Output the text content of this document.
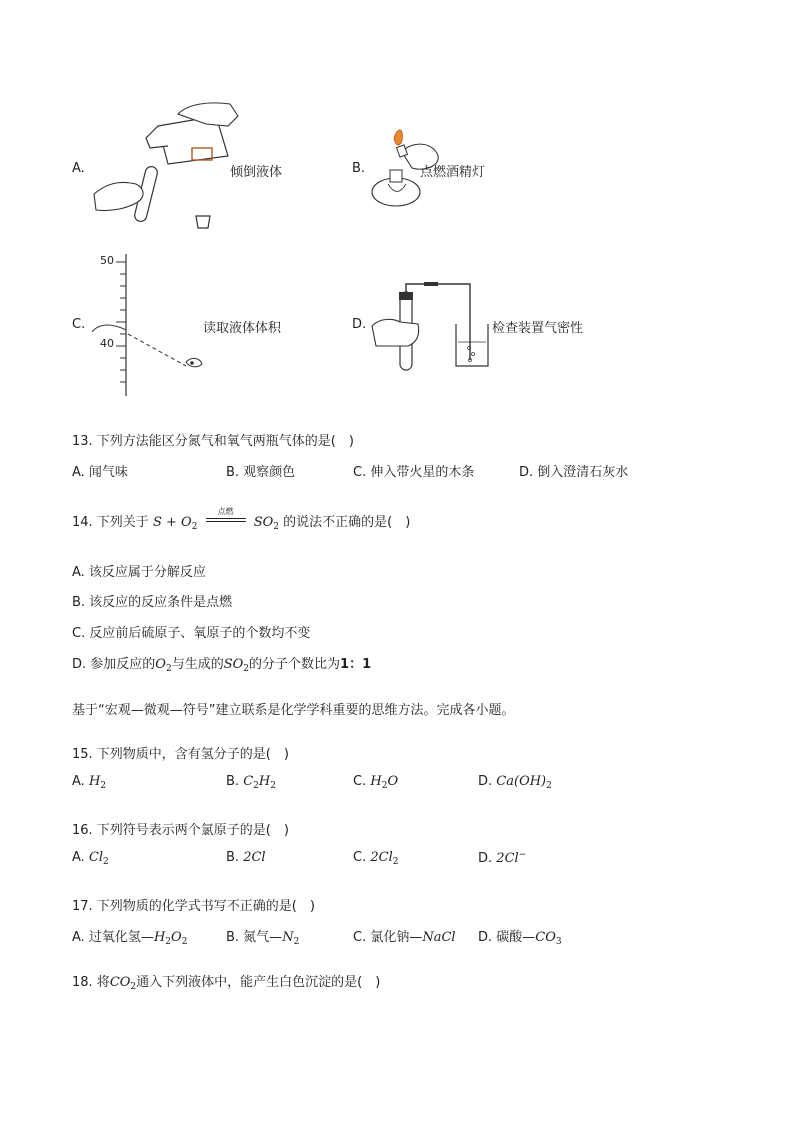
A.	倾倒液体	B.	点燃酒精灯
C.
50
40
读取液体体积	D.	检查装置气密性
13. 下列方法能区分氮气和氧气两瓶气体的是(　)
A. 闻气味	B. 观察颜色	C. 伸入带火星的木条	D. 倒入澄清石灰水
14. 下列关于 $S + O_2$
点燃
$SO_2$ 的说法不正确的是(　)
A. 该反应属于分解反应
B. 该反应的反应条件是点燃
C. 反应前后硫原子、氧原子的个数均不变
D. 参加反应的$O_2$与生成的$SO_2$的分子个数比为1：1
基于“宏观—微观—符号”建立联系是化学学科重要的思维方法。完成各小题。
15. 下列物质中，含有氢分子的是(　)
A. $H_2$	B. $C_2H_2$	C. $H_2O$	D. $Ca(OH)_2$
16. 下列符号表示两个氯原子的是(　)
A. $Cl_2$	B. 2Cl	C. $2Cl_2$	D. 2Cl−
17. 下列物质的化学式书写不正确的是(　)
A. 过氧化氢$—H_2O_2$	B. 氮气$—N_2$	C. 氯化钠—NaCl D. 碳酸$—CO_3$
18. 将$CO_2$通入下列液体中，能产生白色沉淀的是(　)
